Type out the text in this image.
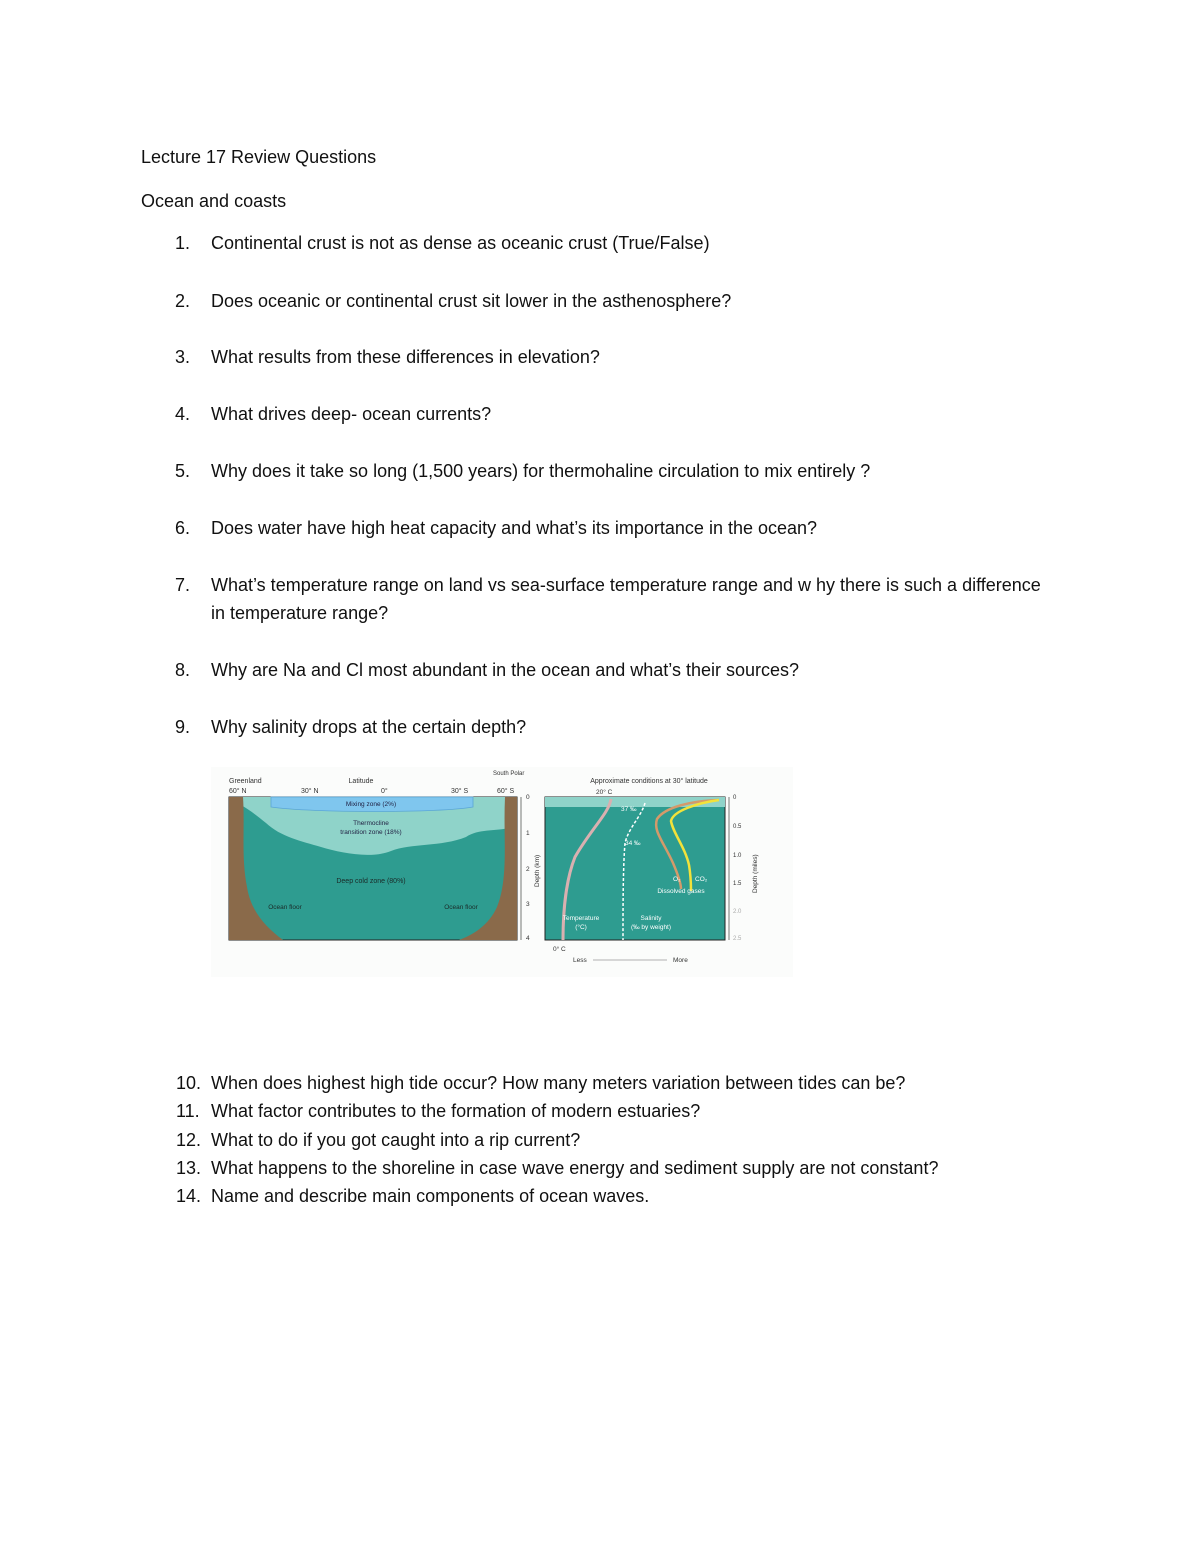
Lecture 17 Review Questions
Ocean and coasts
1.	Continental crust is not as dense as oceanic crust (True/False)
2.	Does oceanic or continental crust sit lower in the asthenosphere?
3.	What results from these differences in elevation?
4.	What drives deep- ocean currents?
5.	Why does it take so long (1,500 years) for thermohaline circulation to mix entirely ?
6.	Does water have high heat capacity and what’s its importance in the ocean?
7.	What’s temperature range on land vs sea-surface temperature range and w hy there is such a difference in temperature range?
8.	Why are Na and Cl most abundant in the ocean and what’s their sources?
9.	Why salinity drops at the certain depth?
Latitude
Greenland
South Polar
60° N	30° N	0°	30° S	60° S
Mixing zone (2%)
Thermocline
transition zone (18%)
Deep cold zone (80%)
Ocean floor	Ocean floor
0
1
2
3
4
Depth (km)
Approximate conditions at 30° latitude
20° C
37 ‰
34 ‰
O₂ CO₂
Dissolved gases
Temperature
(°C)
Salinity
(‰ by weight)
0° C
Less	More
0
0.5
1.0
1.5
2.0
2.5
Depth (miles)
10. When does highest high tide occur? How many meters variation between tides can be?
11. What factor contributes to the formation of modern estuaries?
12. What to do if you got caught into a rip current?
13. What happens to the shoreline in case wave energy and sediment supply are not constant?
14. Name and describe main components of ocean waves.
